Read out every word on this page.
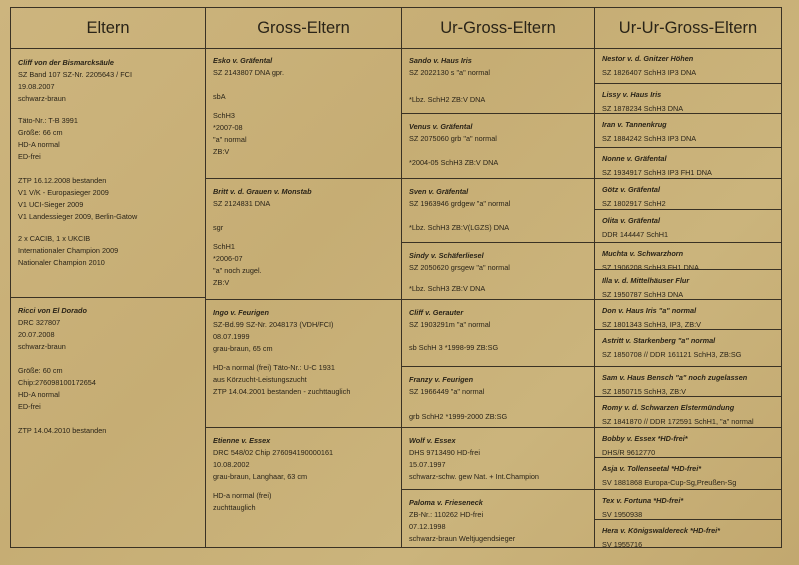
Eltern
Cliff von der Bismarcksäule
SZ Band 107 SZ-Nr. 2205643 / FCI
19.08.2007
schwarz-braun
Täto-Nr.: T-B 3991
Größe: 66 cm
HD-A normal
ED-frei
ZTP 16.12.2008 bestanden
V1 V/K - Europasieger 2009
V1 UCI-Sieger 2009
V1 Landessieger 2009, Berlin-Gatow
2 x CACIB, 1 x UKCIB
Internationaler Champion 2009
Nationaler Champion 2010
Ricci von El Dorado
DRC 327807
20.07.2008
schwarz-braun
Größe: 60 cm
Chip:276098100172654
HD-A normal
ED-frei
ZTP 14.04.2010 bestanden
Gross-Eltern
Esko v. Gräfental
SZ 2143807 DNA gpr.
sbA
SchH3
*2007-08
"a" normal
ZB:V
Britt v. d. Grauen v. Monstab
SZ 2124831 DNA
sgr
SchH1
*2006-07
"a" noch zugel.
ZB:V
Ingo v. Feurigen
SZ-Bd.99 SZ-Nr. 2048173 (VDH/FCI)
08.07.1999
grau-braun, 65 cm
HD-a normal (frei) Täto-Nr.: U-C 1931
aus Körzucht-Leistungszucht
ZTP 14.04.2001 bestanden - zuchttauglich
Etienne v. Essex
DRC 548/02 Chip 276094190000161
10.08.2002
grau-braun, Langhaar, 63 cm
HD-a normal (frei)
zuchttauglich
Ur-Gross-Eltern
Sando v. Haus Iris
SZ 2022130 s "a" normal
*Lbz. SchH2 ZB:V DNA
Venus v. Gräfental
SZ 2075060 grb "a" normal
*2004-05 SchH3 ZB:V DNA
Sven v. Gräfental
SZ 1963946 grdgew "a" normal
*Lbz. SchH3 ZB:V(LGZS) DNA
Sindy v. Schäferliesel
SZ 2050620 grsgew "a" normal
*Lbz. SchH3 ZB:V DNA
Cliff v. Gerauter
SZ 1903291m "a" normal
sb SchH 3 *1998-99 ZB:SG
Franzy v. Feurigen
SZ 1966449 "a" normal
grb SchH2 *1999-2000 ZB:SG
Wolf v. Essex
DHS 9713490 HD-frei
15.07.1997
schwarz-schw. gew Nat. + Int.Champion
Paloma v. Frieseneck
ZB-Nr.: 110262 HD-frei
07.12.1998
schwarz-braun Weltjugendsieger
Ur-Ur-Gross-Eltern
Nestor v. d. Gnitzer Höhen
SZ 1826407 SchH3 IP3 DNA
Lissy v. Haus Iris
SZ 1878234 SchH3 DNA
Iran v. Tannenkrug
SZ 1884242 SchH3 IP3 DNA
Nonne v. Gräfental
SZ 1934917 SchH3 IP3 FH1 DNA
Götz v. Gräfental
SZ 1802917 SchH2
Olita v. Gräfental
DDR 144447 SchH1
Muchta v. Schwarzhorn
SZ 1906208 SchH3 FH1 DNA
Illa v. d. Mittelhäuser Flur
SZ 1950787 SchH3 DNA
Don v. Haus Iris "a" normal
SZ 1801343 SchH3, IP3, ZB:V
Astritt v. Starkenberg "a" normal
SZ 1850708 // DDR 161121 SchH3, ZB:SG
Sam v. Haus Bensch "a" noch zugelassen
SZ 1850715 SchH3, ZB:V
Romy v. d. Schwarzen Elstermündung
SZ 1841870 // DDR 172591 SchH1, "a" normal
Bobby v. Essex *HD-frei*
DHS/R 9612770
Asja v. Tollenseetal *HD-frei*
SV 1881868 Europa-Cup-Sg,Preußen-Sg
Tex v. Fortuna *HD-frei*
SV 1950938
Hera v. Königswaldereck *HD-frei*
SV 1955716
